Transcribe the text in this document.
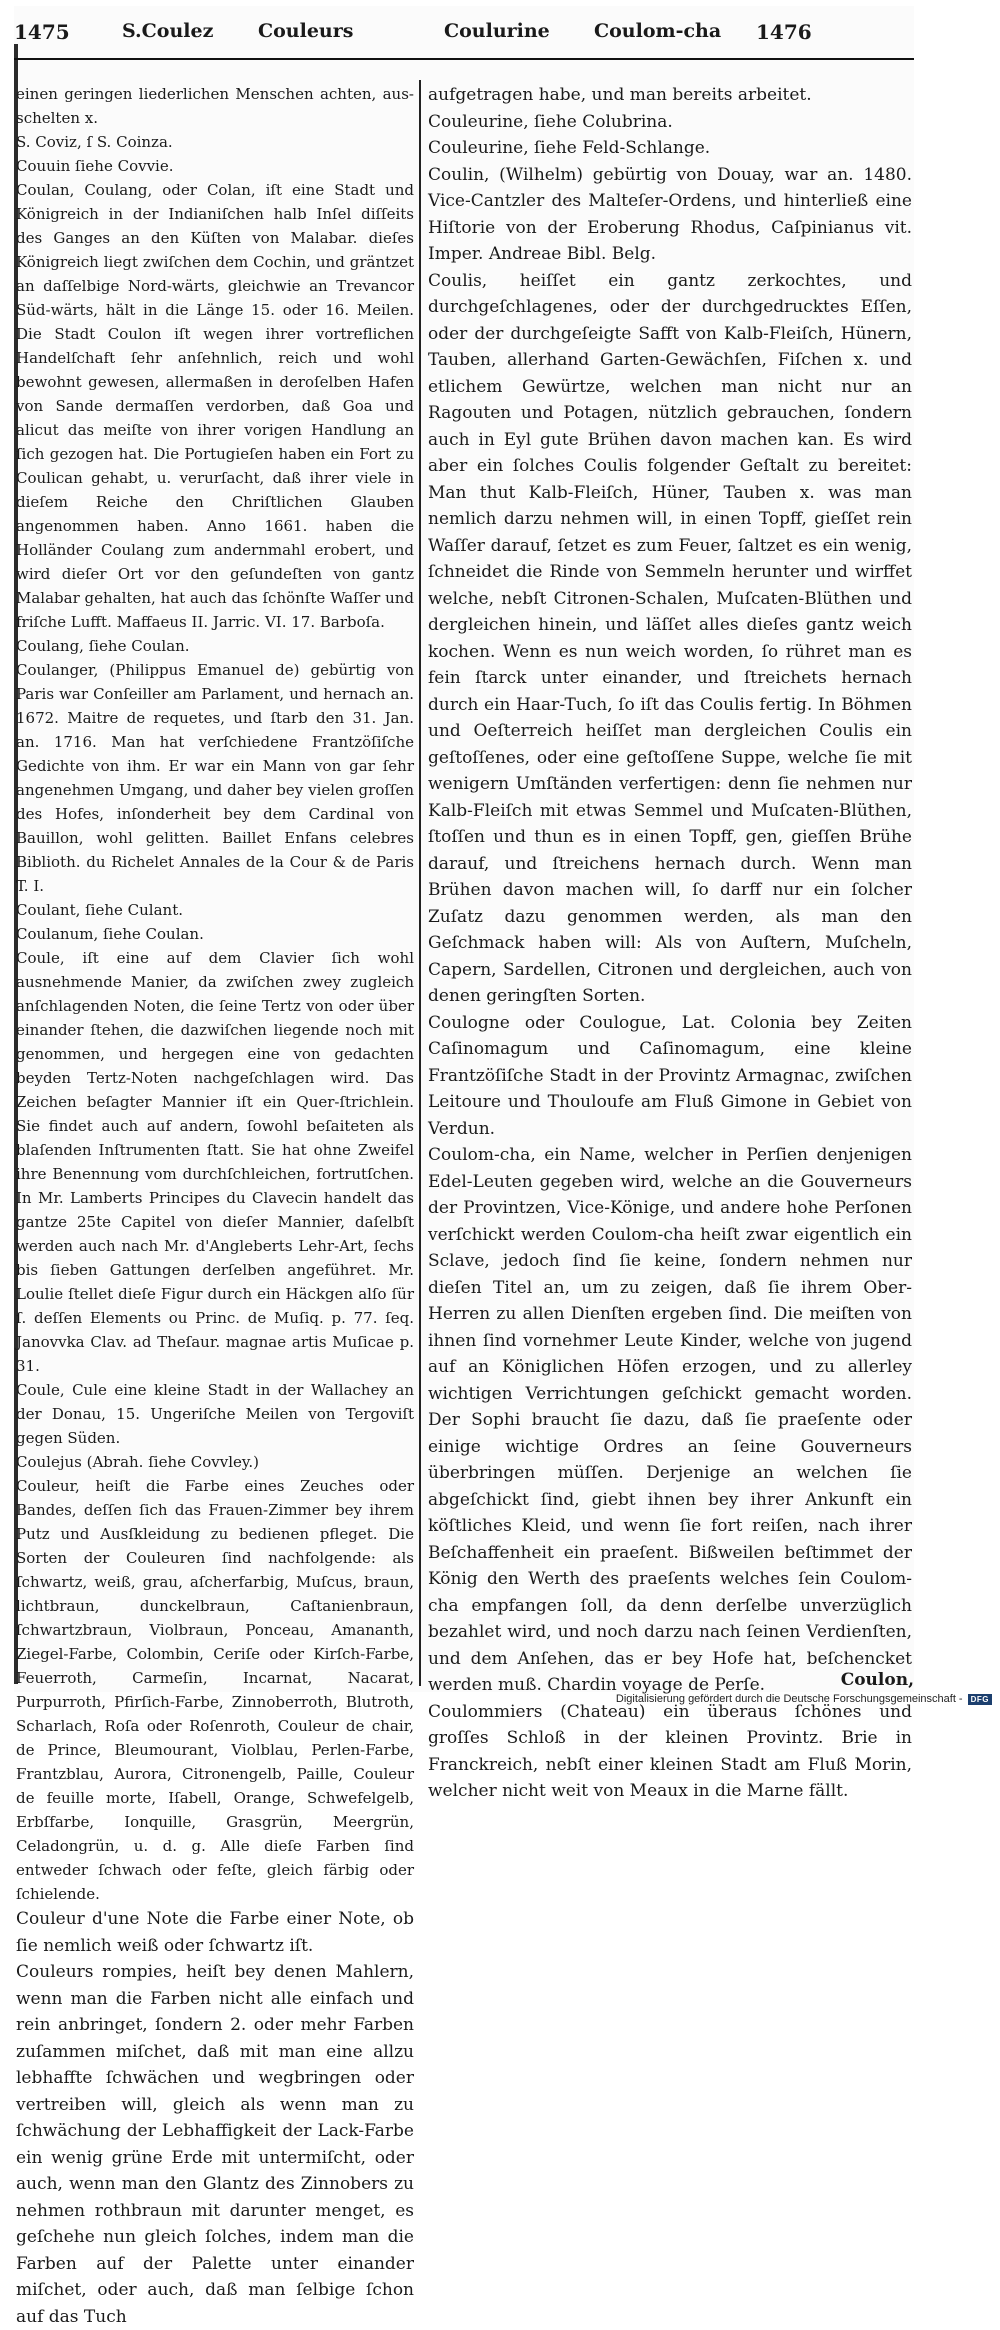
1475	S.Coulez Couleurs	Coulurine Coulom-cha 1476

einen geringen liederlichen Menschen achten, aus-schelten x.

S. Coviz, ſ S. Coinza.

Couuin ſiehe Covvie.

Coulan, Coulang, oder Colan, iſt eine Stadt und Königreich in der Indianiſchen halb Inſel diſſeits des Ganges an den Küſten von Malabar. dieſes Königreich liegt zwiſchen dem Cochin, und gräntzet an daſſelbige Nord-wärts, gleichwie an Trevancor Süd-wärts, hält in die Länge 15. oder 16. Meilen. Die Stadt Coulon iſt wegen ihrer vortreflichen Handelſchaft ſehr anſehnlich, reich und wohl bewohnt gewesen, allermaßen in deroſelben Hafen von Sande dermaſſen verdorben, daß Goa und alicut das meiſte von ihrer vorigen Handlung an ſich gezogen hat. Die Portugieſen haben ein Fort zu Coulican gehabt, u. verurſacht, daß ihrer viele in dieſem Reiche den Chriſtlichen Glauben angenommen haben. Anno 1661. haben die Holländer Coulang zum andernmahl erobert, und wird dieſer Ort vor den geſundeſten von gantz Malabar gehalten, hat auch das ſchönſte Waſſer und friſche Lufft. Maffaeus II. Jarric. VI. 17. Barboſa.

Coulang, ſiehe Coulan.

Coulanger, (Philippus Emanuel de) gebürtig von Paris war Conſeiller am Parlament, und hernach an. 1672. Maitre de requetes, und ſtarb den 31. Jan. an. 1716. Man hat verſchiedene Frantzöſiſche Gedichte von ihm. Er war ein Mann von gar ſehr angenehmen Umgang, und daher bey vielen groſſen des Hofes, inſonderheit bey dem Cardinal von Bauillon, wohl gelitten. Baillet Enfans celebres Biblioth. du Richelet Annales de la Cour & de Paris T. I.

Coulant, ſiehe Culant.

Coulanum, ſiehe Coulan.

Coule, iſt eine auf dem Clavier ſich wohl ausnehmende Manier, da zwiſchen zwey zugleich anſchlagenden Noten, die ſeine Tertz von oder über einander ſtehen, die dazwiſchen liegende noch mit genommen, und hergegen eine von gedachten beyden Tertz-Noten nachgeſchlagen wird. Das Zeichen beſagter Mannier iſt ein Quer-ſtrichlein. Sie findet auch auf andern, ſowohl beſaiteten als blaſenden Inſtrumenten ſtatt. Sie hat ohne Zweifel ihre Benennung vom durchſchleichen, fortrutſchen. In Mr. Lamberts Principes du Clavecin handelt das gantze 25te Capitel von dieſer Mannier, daſelbſt werden auch nach Mr. d'Angleberts Lehr-Art, ſechs bis ſieben Gattungen derſelben angeführet. Mr. Loulie ſtellet dieſe Figur durch ein Häckgen alſo ſür ſ. deſſen Elements ou Princ. de Muſiq. p. 77. ſeq. Janovvka Clav. ad Theſaur. magnae artis Muſicae p. 31.

Coule, Cule eine kleine Stadt in der Wallachey an der Donau, 15. Ungeriſche Meilen von Tergoviſt gegen Süden.

Coulejus (Abrah. ſiehe Covvley.)

Couleur, heiſt die Farbe eines Zeuches oder Bandes, deſſen ſich das Frauen-Zimmer bey ihrem Putz und Ausſkleidung zu bedienen pfleget. Die Sorten der Couleuren ſind nachfolgende: als ſchwartz, weiß, grau, aſcherfarbig, Muſcus, braun, lichtbraun, dunckelbraun, Caſtanienbraun, ſchwartzbraun, Violbraun, Ponceau, Amananth, Ziegel-Farbe, Colombin, Ceriſe oder Kirſch-Farbe, Feuerroth, Carmeſin, Incarnat, Nacarat, Purpurroth, Pfirſich-Farbe, Zinnoberroth, Blutroth, Scharlach, Roſa oder Roſenroth, Couleur de chair, de Prince, Bleumourant, Violblau, Perlen-Farbe, Frantzblau, Aurora, Citronengelb, Paille, Couleur de feuille morte, Iſabell, Orange, Schwefelgelb, Erbſfarbe, Ionquille, Grasgrün, Meergrün, Celadongrün, u. d. g. Alle dieſe Farben ſind entweder ſchwach oder feſte, gleich färbig oder ſchielende.

Couleur d'une Note die Farbe einer Note, ob ſie nemlich weiß oder ſchwartz iſt.

Couleurs rompies, heiſt bey denen Mahlern, wenn man die Farben nicht alle einfach und rein anbringet, ſondern 2. oder mehr Farben zuſammen miſchet, daß mit man eine allzu lebhaffte ſchwächen und wegbringen oder vertreiben will, gleich als wenn man zu ſchwächung der Lebhaffigkeit der Lack-Farbe ein wenig grüne Erde mit untermiſcht, oder auch, wenn man den Glantz des Zinnobers zu nehmen rothbraun mit darunter menget, es geſchehe nun gleich ſolches, indem man die Farben auf der Palette unter einander miſchet, oder auch, daß man ſelbige ſchon auf das Tuch

aufgetragen habe, und man bereits arbeitet.

Couleurine, ſiehe Colubrina.

Couleurine, ſiehe Feld-Schlange.

Coulin, (Wilhelm) gebürtig von Douay, war an. 1480. Vice-Cantzler des Malteſer-Ordens, und hinterließ eine Hiſtorie von der Eroberung Rhodus, Caſpinianus vit. Imper. Andreae Bibl. Belg.

Coulis, heiſſet ein gantz zerkochtes, und durchgeſchlagenes, oder der durchgedrucktes Eſſen, oder der durchgeſeigte Safft von Kalb-Fleiſch, Hünern, Tauben, allerhand Garten-Gewächſen, Fiſchen x. und etlichem Gewürtze, welchen man nicht nur an Ragouten und Potagen, nützlich gebrauchen, ſondern auch in Eyl gute Brühen davon machen kan. Es wird aber ein ſolches Coulis folgender Geſtalt zu bereitet: Man thut Kalb-Fleiſch, Hüner, Tauben x. was man nemlich darzu nehmen will, in einen Topff, gieſſet rein Waſſer darauf, ſetzet es zum Feuer, ſaltzet es ein wenig, ſchneidet die Rinde von Semmeln herunter und wirffet welche, nebſt Citronen-Schalen, Muſcaten-Blüthen und dergleichen hinein, und läſſet alles dieſes gantz weich kochen. Wenn es nun weich worden, ſo rühret man es fein ſtarck unter einander, und ſtreichets hernach durch ein Haar-Tuch, ſo iſt das Coulis fertig. In Böhmen und Oeſterreich heiſſet man dergleichen Coulis ein geſtoſſenes, oder eine geſtoſſene Suppe, welche ſie mit wenigern Umſtänden verfertigen: denn ſie nehmen nur Kalb-Fleiſch mit etwas Semmel und Muſcaten-Blüthen, ſtoſſen und thun es in einen Topff, gen, gieſſen Brühe darauf, und ſtreichens hernach durch. Wenn man Brühen davon machen will, ſo darff nur ein ſolcher Zuſatz dazu genommen werden, als man den Geſchmack haben will: Als von Auſtern, Muſcheln, Capern, Sardellen, Citronen und dergleichen, auch von denen geringſten Sorten.

Coulogne oder Coulogue, Lat. Colonia bey Zeiten Caſinomagum und Caſinomagum, eine kleine Frantzöſiſche Stadt in der Provintz Armagnac, zwiſchen Leitoure und Thouloufe am Fluß Gimone in Gebiet von Verdun.

Coulom-cha, ein Name, welcher in Perſien denjenigen Edel-Leuten gegeben wird, welche an die Gouverneurs der Provintzen, Vice-Könige, und andere hohe Perſonen verſchickt werden Coulom-cha heiſt zwar eigentlich ein Sclave, jedoch ſind ſie keine, ſondern nehmen nur dieſen Titel an, um zu zeigen, daß ſie ihrem Ober-Herren zu allen Dienſten ergeben ſind. Die meiſten von ihnen ſind vornehmer Leute Kinder, welche von jugend auf an Königlichen Höfen erzogen, und zu allerley wichtigen Verrichtungen geſchickt gemacht worden. Der Sophi braucht ſie dazu, daß ſie praeſente oder einige wichtige Ordres an ſeine Gouverneurs überbringen müſſen. Derjenige an welchen ſie abgeſchickt ſind, giebt ihnen bey ihrer Ankunft ein köſtliches Kleid, und wenn ſie fort reiſen, nach ihrer Beſchaffenheit ein praeſent. Bißweilen beſtimmet der König den Werth des praeſents welches ſein Coulom-cha empfangen ſoll, da denn derſelbe unverzüglich bezahlet wird, und noch darzu nach ſeinen Verdienſten, und dem Anſehen, das er bey Hofe hat, beſchencket werden muß. Chardin voyage de Perſe.

Coulommiers (Chateau) ein überaus ſchönes und groſſes Schloß in der kleinen Provintz. Brie in Franckreich, nebſt einer kleinen Stadt am Fluß Morin, welcher nicht weit von Meaux in die Marne fällt.

Coulon,
Digitalisierung gefördert durch die Deutsche Forschungsgemeinschaft -	DFG
